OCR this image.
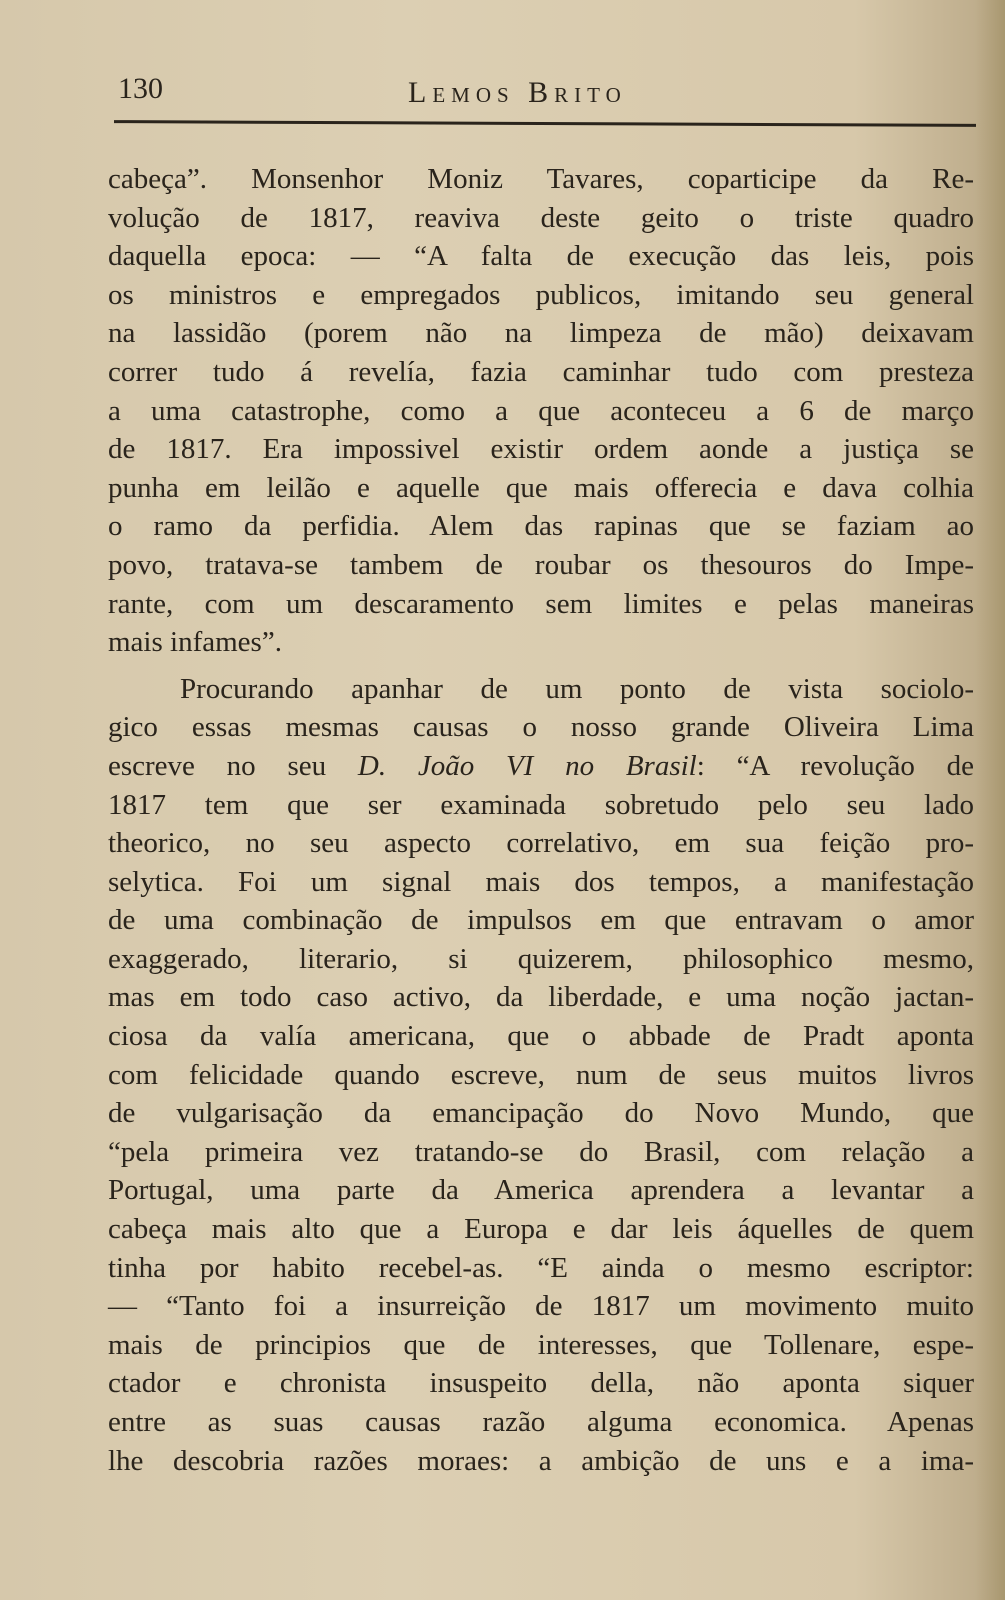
130	Lemos Brito
cabeça”. Monsenhor Moniz Tavares, coparticipe da Re-
volução de 1817, reaviva deste geito o triste quadro
daquella epoca: — “A falta de execução das leis, pois
os ministros e empregados publicos, imitando seu general
na lassidão (porem não na limpeza de mão) deixavam
correr tudo á revelía, fazia caminhar tudo com presteza
a uma catastrophe, como a que aconteceu a 6 de março
de 1817. Era impossivel existir ordem aonde a justiça se
punha em leilão e aquelle que mais offerecia e dava colhia
o ramo da perfidia. Alem das rapinas que se faziam ao
povo, tratava-se tambem de roubar os thesouros do Impe-
rante, com um descaramento sem limites e pelas maneiras
mais infames”.
Procurando apanhar de um ponto de vista sociolo-
gico essas mesmas causas o nosso grande Oliveira Lima
escreve no seu D. João VI no Brasil: “A revolução de
1817 tem que ser examinada sobretudo pelo seu lado
theorico, no seu aspecto correlativo, em sua feição pro-
selytica. Foi um signal mais dos tempos, a manifestação
de uma combinação de impulsos em que entravam o amor
exaggerado, literario, si quizerem, philosophico mesmo,
mas em todo caso activo, da liberdade, e uma noção jactan-
ciosa da valía americana, que o abbade de Pradt aponta
com felicidade quando escreve, num de seus muitos livros
de vulgarisação da emancipação do Novo Mundo, que
“pela primeira vez tratando-se do Brasil, com relação a
Portugal, uma parte da America aprendera a levantar a
cabeça mais alto que a Europa e dar leis áquelles de quem
tinha por habito recebel-as. “E ainda o mesmo escriptor:
— “Tanto foi a insurreição de 1817 um movimento muito
mais de principios que de interesses, que Tollenare, espe-
ctador e chronista insuspeito della, não aponta siquer
entre as suas causas razão alguma economica. Apenas
lhe descobria razões moraes: a ambição de uns e a ima-
